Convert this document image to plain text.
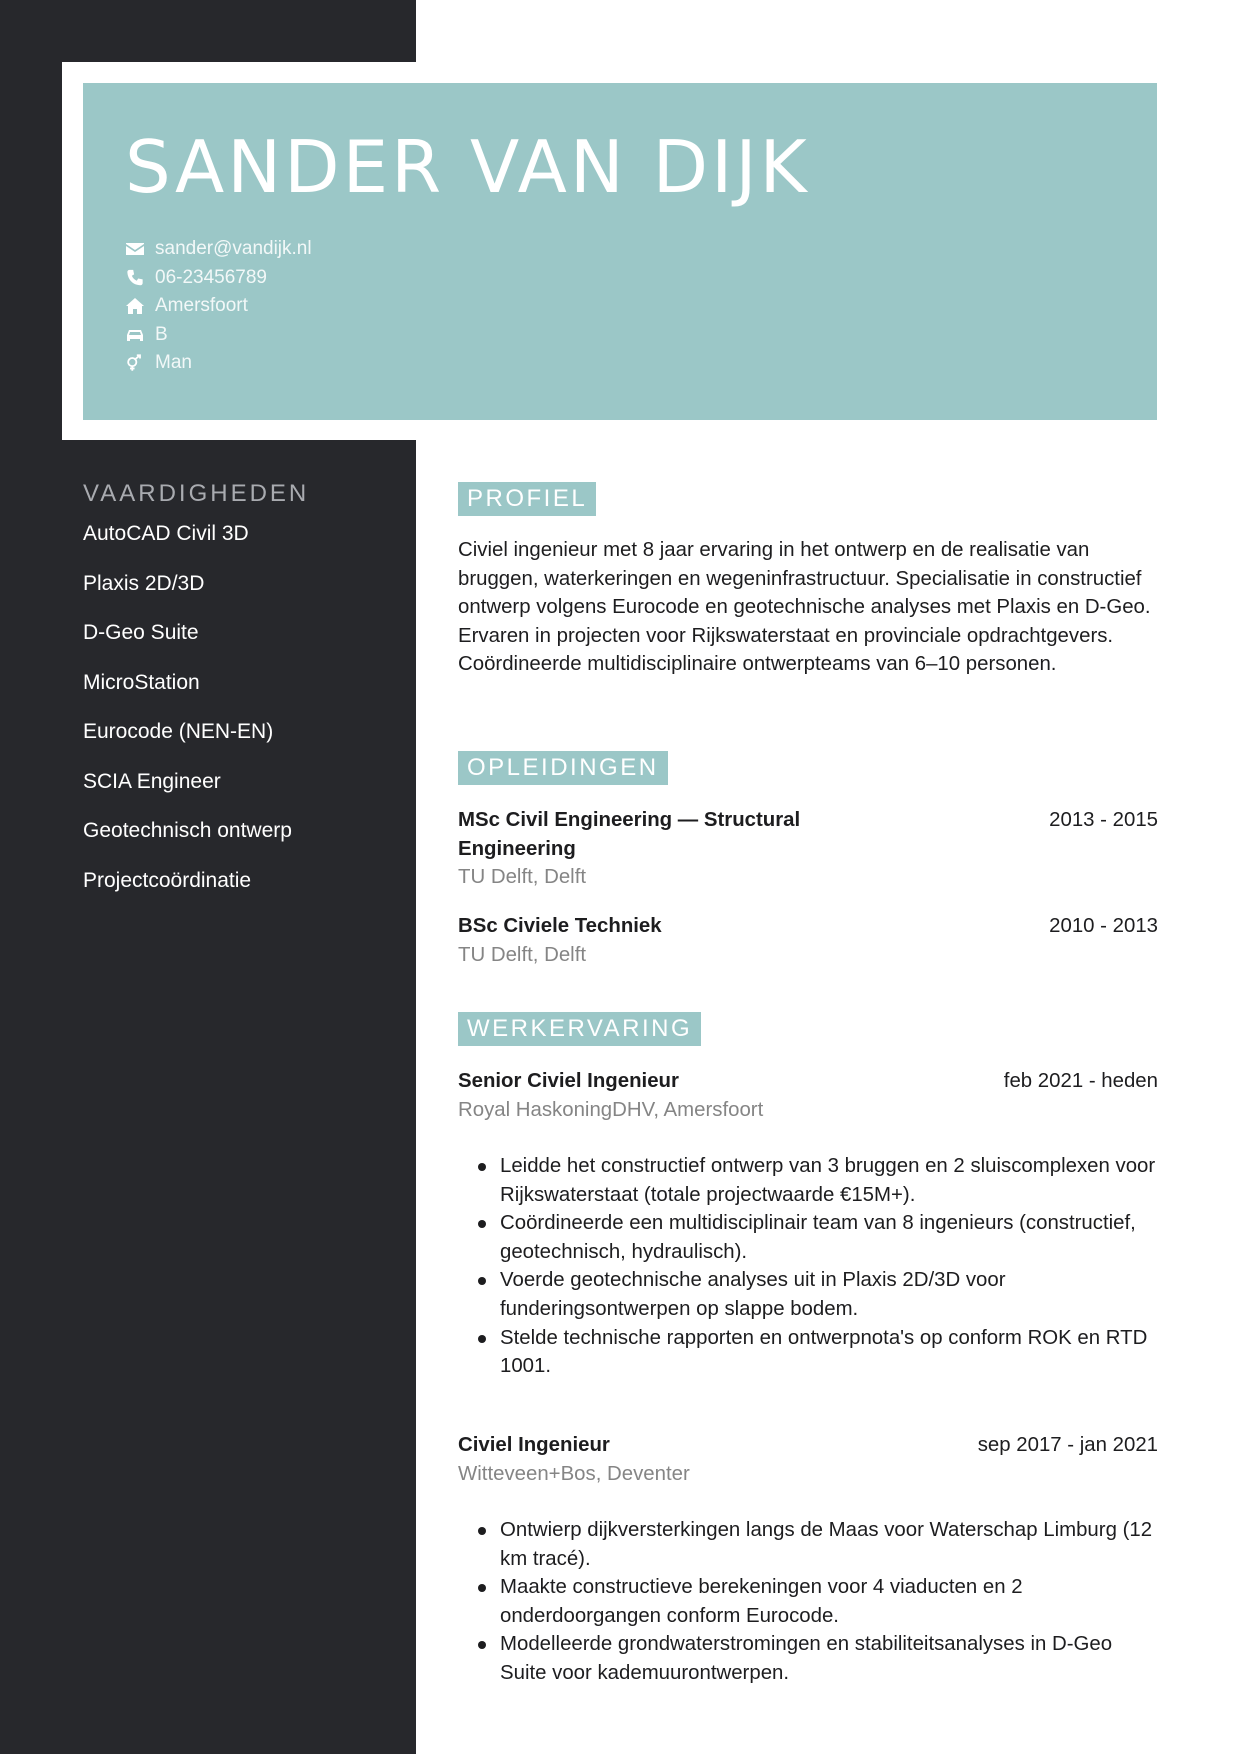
SANDER VAN DIJK
sander@vandijk.nl
06-23456789
Amersfoort
B
Man
VAARDIGHEDEN
AutoCAD Civil 3D
Plaxis 2D/3D
D-Geo Suite
MicroStation
Eurocode (NEN-EN)
SCIA Engineer
Geotechnisch ontwerp
Projectcoördinatie
PROFIEL
Civiel ingenieur met 8 jaar ervaring in het ontwerp en de realisatie van bruggen, waterkeringen en wegeninfrastructuur. Specialisatie in constructief ontwerp volgens Eurocode en geotechnische analyses met Plaxis en D-Geo. Ervaren in projecten voor Rijkswaterstaat en provinciale opdrachtgevers. Coördineerde multidisciplinaire ontwerpteams van 6–10 personen.
OPLEIDINGEN
MSc Civil Engineering — Structural Engineering
2013 - 2015
TU Delft, Delft
BSc Civiele Techniek	2010 - 2013
TU Delft, Delft
WERKERVARING
Senior Civiel Ingenieur	feb 2021 - heden
Royal HaskoningDHV, Amersfoort
Leidde het constructief ontwerp van 3 bruggen en 2 sluiscomplexen voor Rijkswaterstaat (totale projectwaarde €15M+).
Coördineerde een multidisciplinair team van 8 ingenieurs (constructief, geotechnisch, hydraulisch).
Voerde geotechnische analyses uit in Plaxis 2D/3D voor funderingsontwerpen op slappe bodem.
Stelde technische rapporten en ontwerpnota's op conform ROK en RTD 1001.
Civiel Ingenieur	sep 2017 - jan 2021
Witteveen+Bos, Deventer
Ontwierp dijkversterkingen langs de Maas voor Waterschap Limburg (12 km tracé).
Maakte constructieve berekeningen voor 4 viaducten en 2 onderdoorgangen conform Eurocode.
Modelleerde grondwaterstromingen en stabiliteitsanalyses in D-Geo Suite voor kademuurontwerpen.
